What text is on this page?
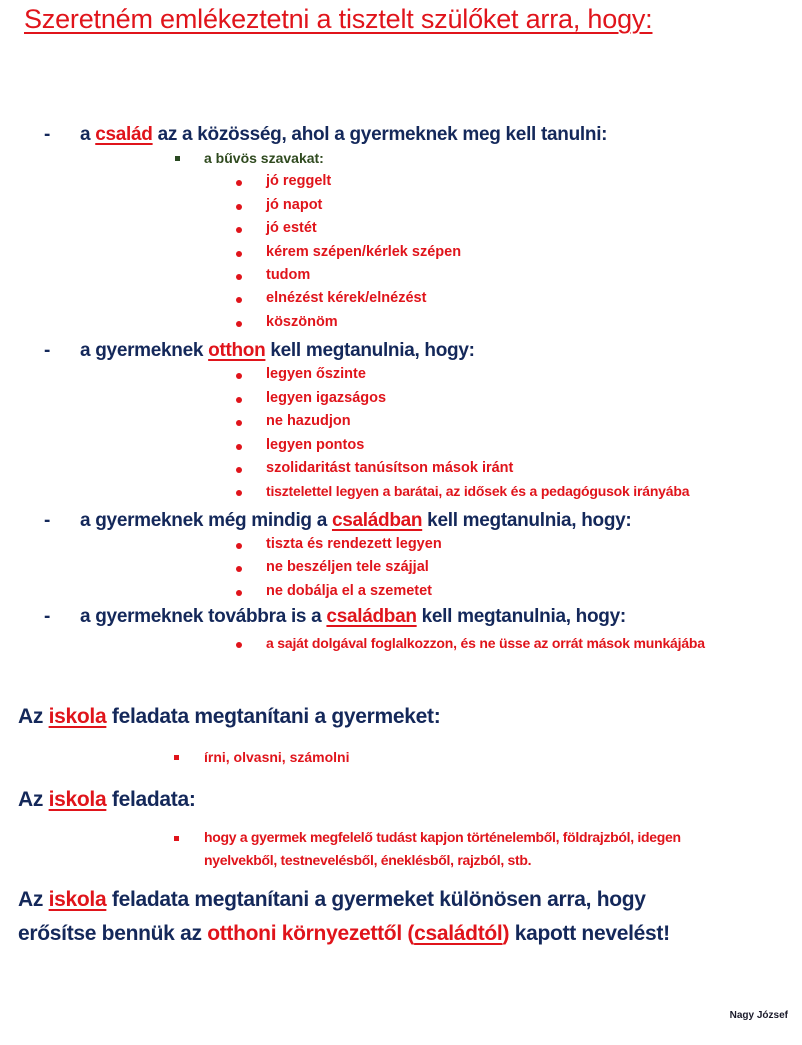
Szeretném emlékeztetni a tisztelt szülőket arra, hogy:
- a család az a közösség, ahol a gyermeknek meg kell tanulni:
a bűvös szavakat:
jó reggelt
jó napot
jó estét
kérem szépen/kérlek szépen
tudom
elnézést kérek/elnézést
köszönöm
- a gyermeknek otthon kell megtanulnia, hogy:
legyen őszinte
legyen igazságos
ne hazudjon
legyen pontos
szolidaritást tanúsítson mások iránt
tisztelettel legyen a barátai, az idősek és a pedagógusok irányába
- a gyermeknek még mindig a családban kell megtanulnia, hogy:
tiszta és rendezett legyen
ne beszéljen tele szájjal
ne dobálja el a szemetet
- a gyermeknek továbbra is a családban kell megtanulnia, hogy:
a saját dolgával foglalkozzon, és ne üsse az orrát mások munkájába
Az iskola feladata megtanítani a gyermeket:
írni, olvasni, számolni
Az iskola feladata:
hogy a gyermek megfelelő tudást kapjon történelemből, földrajzból, idegen
nyelvekből, testnevelésből, éneklésből, rajzból, stb.
Az iskola feladata megtanítani a gyermeket különösen arra, hogy
erősítse bennük az otthoni környezettől (családtól) kapott nevelést!
Nagy József
